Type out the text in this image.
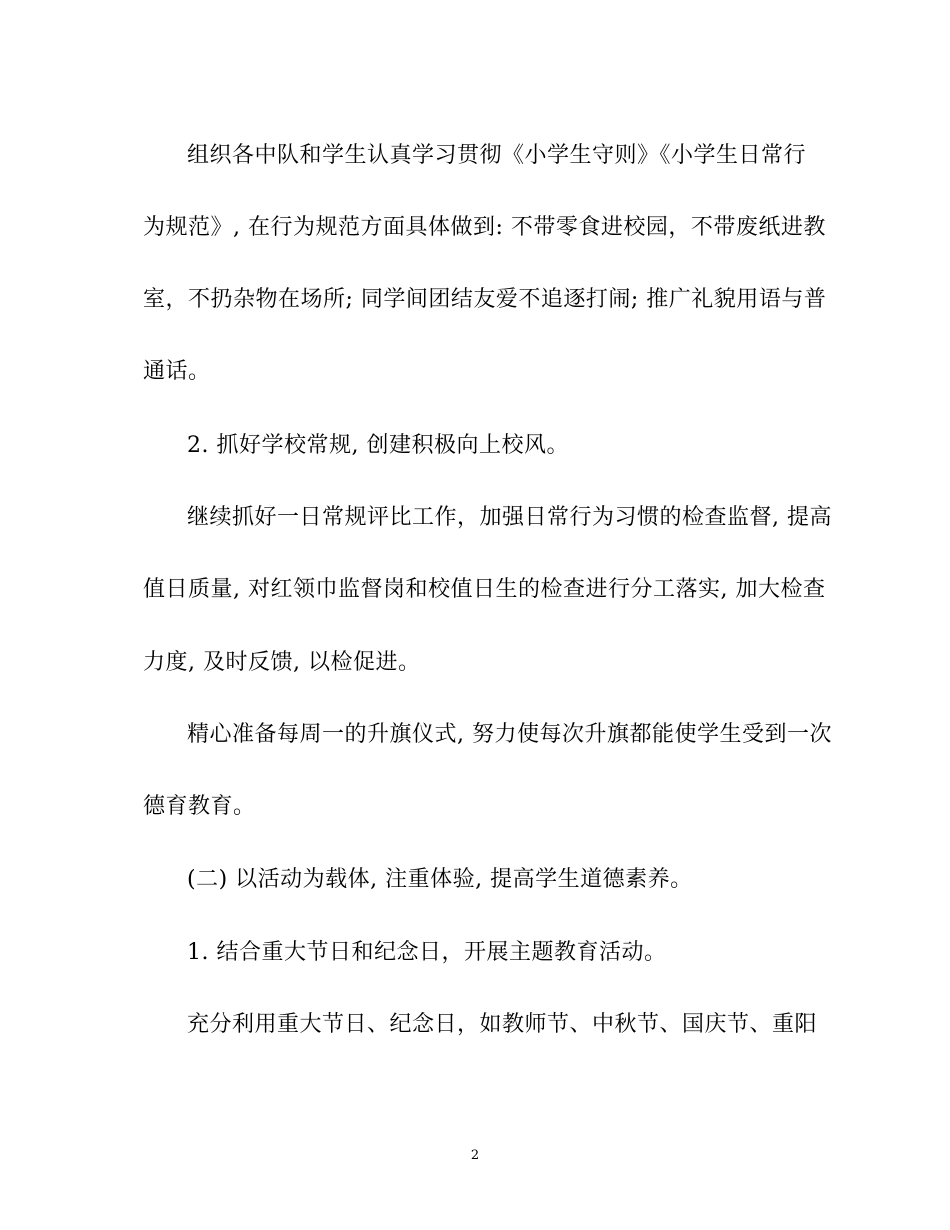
组织各中队和学生认真学习贯彻《小学生守则》《小学生日常行
为规范》, 在行为规范方面具体做到: 不带零食进校园，不带废纸进教
室，不扔杂物在场所; 同学间团结友爱不追逐打闹; 推广礼貌用语与普
通话。
2. 抓好学校常规, 创建积极向上校风。
继续抓好一日常规评比工作，加强日常行为习惯的检查监督, 提高
值日质量, 对红领巾监督岗和校值日生的检查进行分工落实, 加大检查
力度, 及时反馈, 以检促进。
精心准备每周一的升旗仪式, 努力使每次升旗都能使学生受到一次
德育教育。
(二) 以活动为载体, 注重体验, 提高学生道德素养。
1. 结合重大节日和纪念日，开展主题教育活动。
充分利用重大节日、纪念日，如教师节、中秋节、国庆节、重阳
2
